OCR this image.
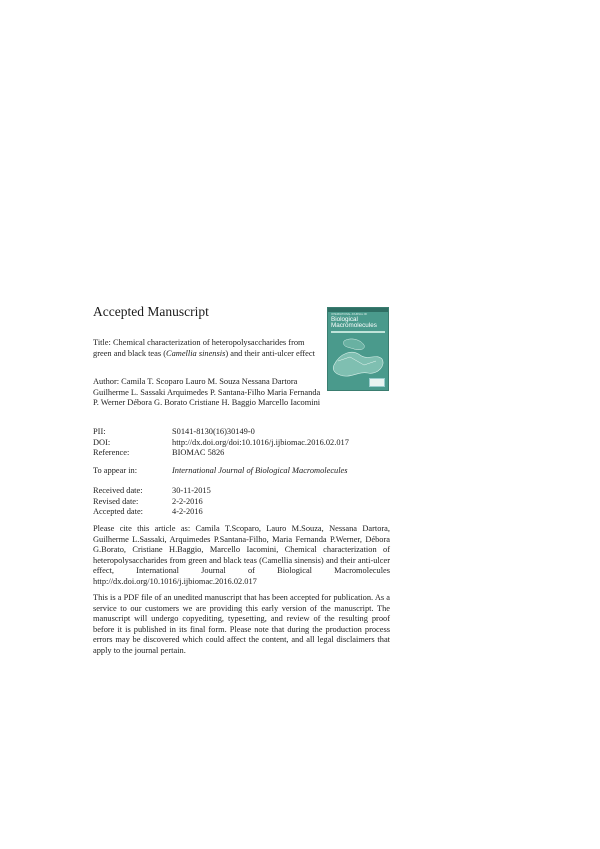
Accepted Manuscript	INTERNATIONAL JOURNAL OF
Biological
Macromolecules
Title: Chemical characterization of heteropolysaccharides from green and black teas (Camellia sinensis) and their anti-ulcer effect
Author: Camila T. Scoparo Lauro M. Souza Nessana Dartora Guilherme L. Sassaki Arquimedes P. Santana-Filho Maria Fernanda P. Werner Débora G. Borato Cristiane H. Baggio Marcello Iacomini
PII:	S0141-8130(16)30149-0
DOI:	http://dx.doi.org/doi:10.1016/j.ijbiomac.2016.02.017
Reference:	BIOMAC 5826
To appear in:	International Journal of Biological Macromolecules
Received date:	30-11-2015
Revised date:	2-2-2016
Accepted date:	4-2-2016
Please cite this article as: Camila T.Scoparo, Lauro M.Souza, Nessana Dartora, Guilherme L.Sassaki, Arquimedes P.Santana-Filho, Maria Fernanda P.Werner, Débora G.Borato, Cristiane H.Baggio, Marcello Iacomini, Chemical characterization of heteropolysaccharides from green and black teas (Camellia sinensis) and their anti-ulcer effect, International Journal of Biological Macromolecules http://dx.doi.org/10.1016/j.ijbiomac.2016.02.017
This is a PDF file of an unedited manuscript that has been accepted for publication. As a service to our customers we are providing this early version of the manuscript. The manuscript will undergo copyediting, typesetting, and review of the resulting proof before it is published in its final form. Please note that during the production process errors may be discovered which could affect the content, and all legal disclaimers that apply to the journal pertain.
